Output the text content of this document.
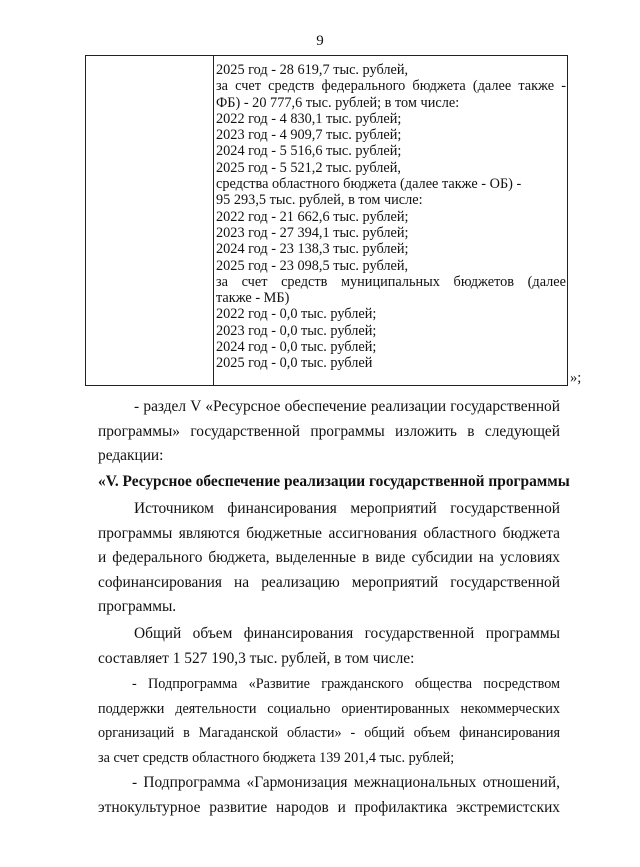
9
2025 год - 28 619,7 тыс. рублей,
за счет средств федерального бюджета (далее также -
ФБ) - 20 777,6 тыс. рублей; в том числе:
2022 год - 4 830,1 тыс. рублей;
2023 год - 4 909,7 тыс. рублей;
2024 год - 5 516,6 тыс. рублей;
2025 год - 5 521,2 тыс. рублей,
средства областного бюджета (далее также - ОБ) -
95 293,5 тыс. рублей, в том числе:
2022 год - 21 662,6 тыс. рублей;
2023 год - 27 394,1 тыс. рублей;
2024 год - 23 138,3 тыс. рублей;
2025 год - 23 098,5 тыс. рублей,
за счет средств муниципальных бюджетов (далее
также - МБ)
2022 год - 0,0 тыс. рублей;
2023 год - 0,0 тыс. рублей;
2024 год - 0,0 тыс. рублей;
2025 год - 0,0 тыс. рублей
»;
- раздел V «Ресурсное обеспечение реализации государственной
программы» государственной программы изложить в следующей
редакции:
«V. Ресурсное обеспечение реализации государственной программы
Источником финансирования мероприятий государственной
программы являются бюджетные ассигнования областного бюджета
и федерального бюджета, выделенные в виде субсидии на условиях
софинансирования на реализацию мероприятий государственной
программы.
Общий объем финансирования государственной программы
составляет 1 527 190,3 тыс. рублей, в том числе:
- Подпрограмма «Развитие гражданского общества посредством
поддержки деятельности социально ориентированных некоммерческих
организаций в Магаданской области» - общий объем финансирования
за счет средств областного бюджета 139 201,4 тыс. рублей;
- Подпрограмма «Гармонизация межнациональных отношений,
этнокультурное развитие народов и профилактика экстремистских
